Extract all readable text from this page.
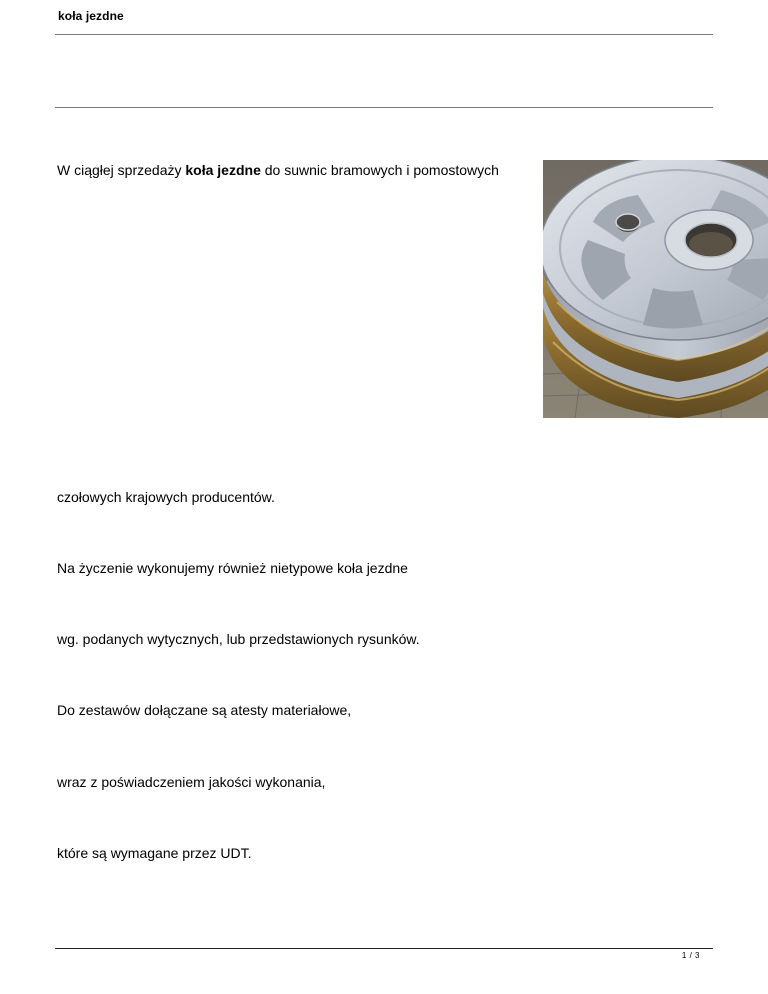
koła jezdne
W ciągłej sprzedaży koła jezdne do suwnic bramowych i pomostowych
czołowych krajowych producentów.
Na życzenie wykonujemy również nietypowe koła jezdne
wg. podanych wytycznych, lub przedstawionych rysunków.
Do zestawów dołączane są atesty materiałowe,
wraz z poświadczeniem jakości wykonania,
które są wymagane przez UDT.
1 / 3
